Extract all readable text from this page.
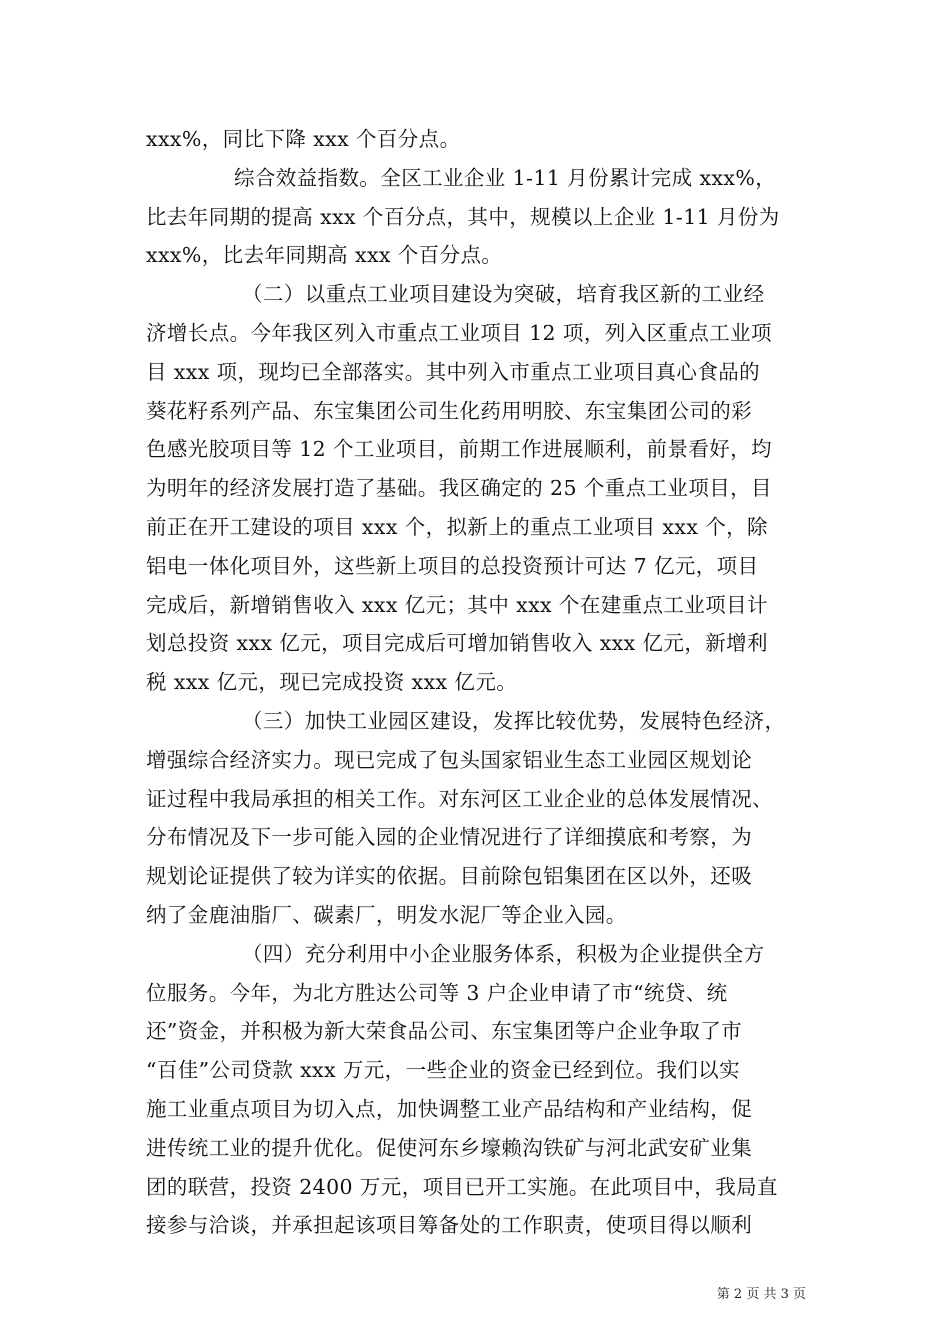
xxx%，同比下降 xxx 个百分点。
综合效益指数。全区工业企业 1-11 月份累计完成 xxx%，
比去年同期的提高 xxx 个百分点，其中，规模以上企业 1-11 月份为
xxx%，比去年同期高 xxx 个百分点。
（二）以重点工业项目建设为突破，培育我区新的工业经
济增长点。今年我区列入市重点工业项目 12 项，列入区重点工业项
目 xxx 项，现均已全部落实。其中列入市重点工业项目真心食品的
葵花籽系列产品、东宝集团公司生化药用明胶、东宝集团公司的彩
色感光胶项目等 12 个工业项目，前期工作进展顺利，前景看好，均
为明年的经济发展打造了基础。我区确定的 25 个重点工业项目，目
前正在开工建设的项目 xxx 个，拟新上的重点工业项目 xxx 个，除
铝电一体化项目外，这些新上项目的总投资预计可达 7 亿元，项目
完成后，新增销售收入 xxx 亿元；其中 xxx 个在建重点工业项目计
划总投资 xxx 亿元，项目完成后可增加销售收入 xxx 亿元，新增利
税 xxx 亿元，现已完成投资 xxx 亿元。
（三）加快工业园区建设，发挥比较优势，发展特色经济，
增强综合经济实力。现已完成了包头国家铝业生态工业园区规划论
证过程中我局承担的相关工作。对东河区工业企业的总体发展情况、
分布情况及下一步可能入园的企业情况进行了详细摸底和考察，为
规划论证提供了较为详实的依据。目前除包铝集团在区以外，还吸
纳了金鹿油脂厂、碳素厂，明发水泥厂等企业入园。
（四）充分利用中小企业服务体系，积极为企业提供全方
位服务。今年，为北方胜达公司等 3 户企业申请了市“统贷、统
还”资金，并积极为新大荣食品公司、东宝集团等户企业争取了市
“百佳”公司贷款 xxx 万元，一些企业的资金已经到位。我们以实
施工业重点项目为切入点，加快调整工业产品结构和产业结构，促
进传统工业的提升优化。促使河东乡壕赖沟铁矿与河北武安矿业集
团的联营，投资 2400 万元，项目已开工实施。在此项目中，我局直
接参与洽谈，并承担起该项目筹备处的工作职责，使项目得以顺利
第 2 页 共 3 页
